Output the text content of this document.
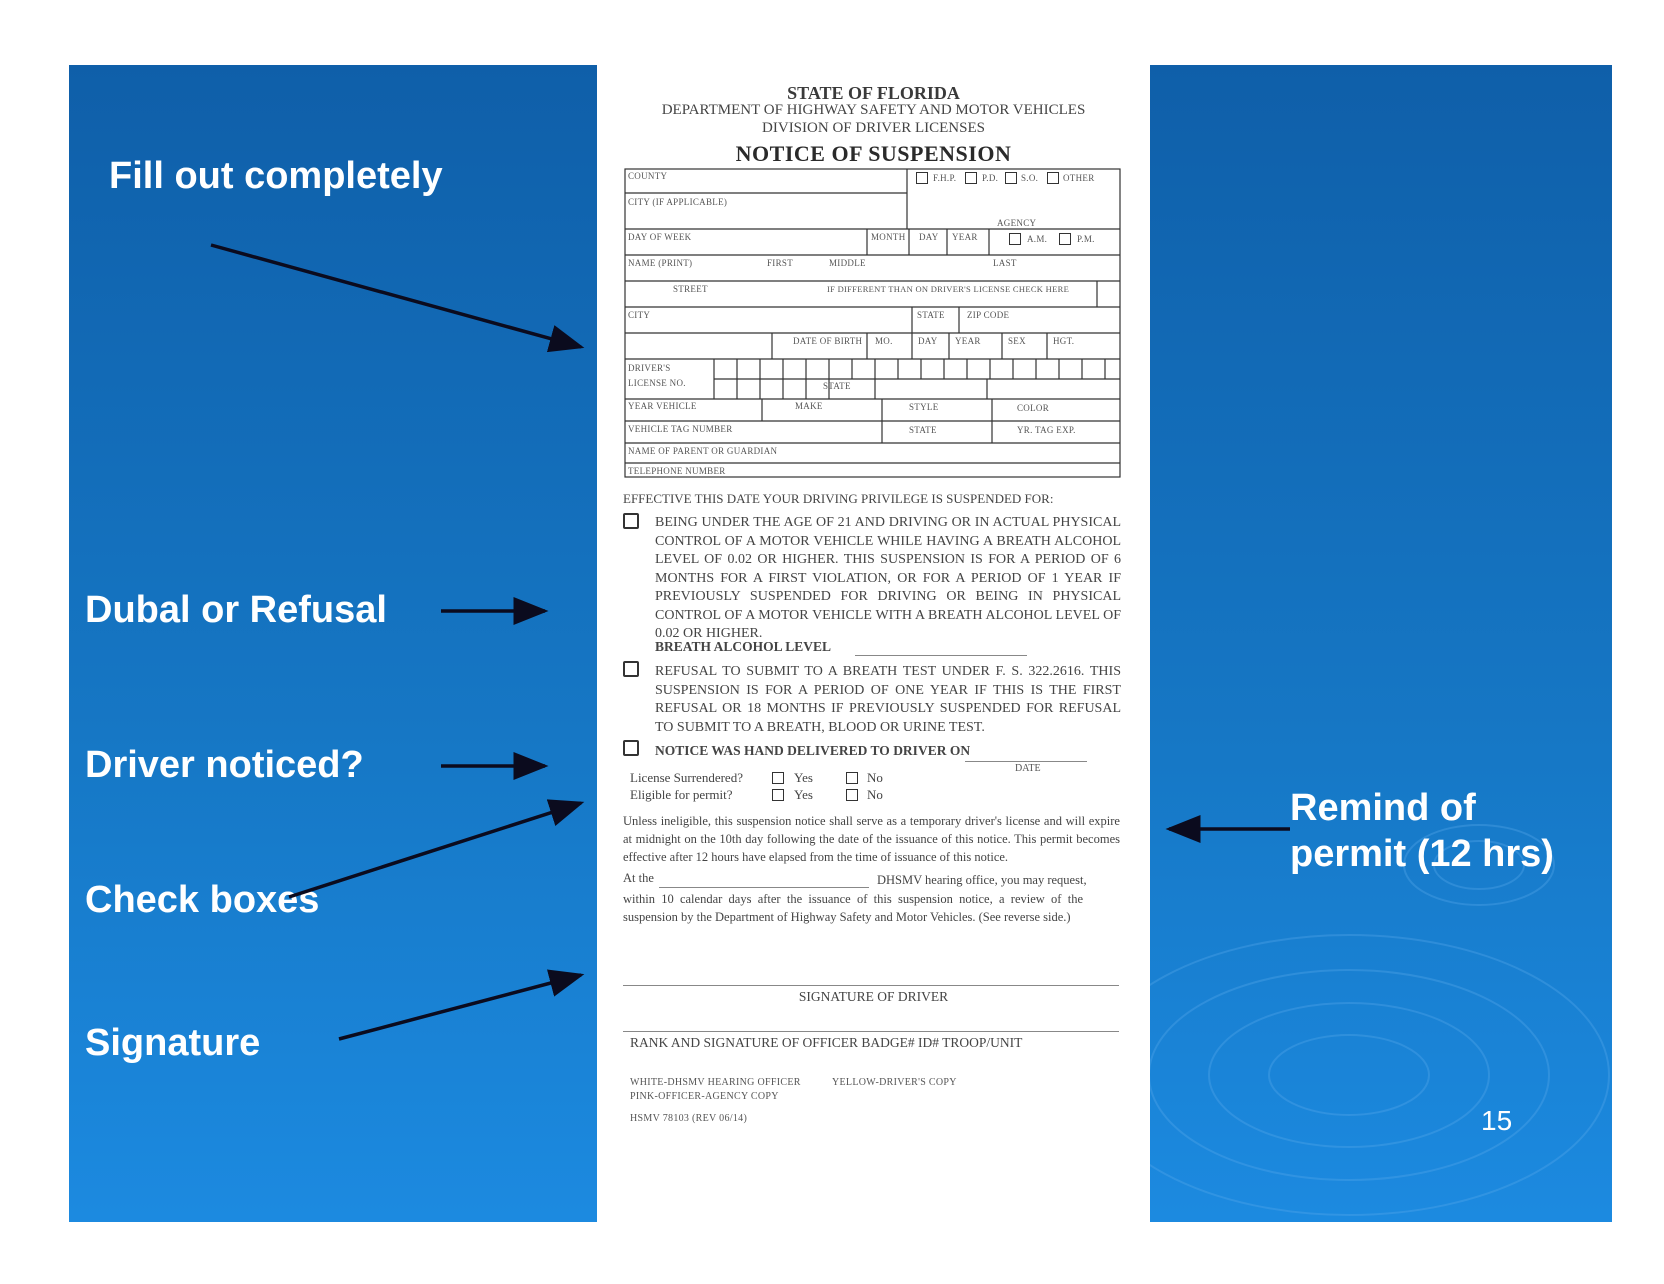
Fill out completely
Dubal or Refusal
Driver noticed?
Check boxes
Signature
Remind of
permit (12 hrs)
15
STATE OF FLORIDA
DEPARTMENT OF HIGHWAY SAFETY AND MOTOR VEHICLES
DIVISION OF DRIVER LICENSES
NOTICE OF SUSPENSION
COUNTY	F.H.P.	P.D.	S.O.	OTHER
CITY (IF APPLICABLE)
AGENCY
DAY OF WEEK	MONTH DAY YEAR	A.M.	P.M.
NAME (PRINT)	FIRST	MIDDLE	LAST
STREET	IF DIFFERENT THAN ON DRIVER'S LICENSE CHECK HERE
CITY	STATE ZIP CODE
DATE OF BIRTH MO.	DAY YEAR	SEX	HGT.
DRIVER'S
LICENSE NO.	STATE
YEAR VEHICLE	MAKE	STYLE	COLOR
VEHICLE TAG NUMBER	STATE	YR. TAG EXP.
NAME OF PARENT OR GUARDIAN
TELEPHONE NUMBER
EFFECTIVE THIS DATE YOUR DRIVING PRIVILEGE IS SUSPENDED FOR:
BEING UNDER THE AGE OF 21 AND DRIVING OR IN ACTUAL PHYSICAL CONTROL OF A MOTOR VEHICLE WHILE HAVING A BREATH ALCOHOL LEVEL OF 0.02 OR HIGHER. THIS SUSPENSION IS FOR A PERIOD OF 6 MONTHS FOR A FIRST VIOLATION, OR FOR A PERIOD OF 1 YEAR IF PREVIOUSLY SUSPENDED FOR DRIVING OR BEING IN PHYSICAL CONTROL OF A MOTOR VEHICLE WITH A BREATH ALCOHOL LEVEL OF 0.02 OR HIGHER.
BREATH ALCOHOL LEVEL
REFUSAL TO SUBMIT TO A BREATH TEST UNDER F. S. 322.2616. THIS SUSPENSION IS FOR A PERIOD OF ONE YEAR IF THIS IS THE FIRST REFUSAL OR 18 MONTHS IF PREVIOUSLY SUSPENDED FOR REFUSAL TO SUBMIT TO A BREATH, BLOOD OR URINE TEST.
NOTICE WAS HAND DELIVERED TO DRIVER ON
DATE
License Surrendered?	Yes	No
Eligible for permit?	Yes	No
Unless ineligible, this suspension notice shall serve as a temporary driver's license and will expire at midnight on the 10th day following the date of the issuance of this notice. This permit becomes effective after 12 hours have elapsed from the time of issuance of this notice.
At the	DHSMV hearing office, you may request,
within 10 calendar days after the issuance of this suspension notice, a review of the suspension by the Department of Highway Safety and Motor Vehicles. (See reverse side.)
SIGNATURE OF DRIVER
RANK AND SIGNATURE OF OFFICER BADGE# ID# TROOP/UNIT
WHITE-DHSMV HEARING OFFICER	YELLOW-DRIVER'S COPY
PINK-OFFICER-AGENCY COPY
HSMV 78103 (REV 06/14)
